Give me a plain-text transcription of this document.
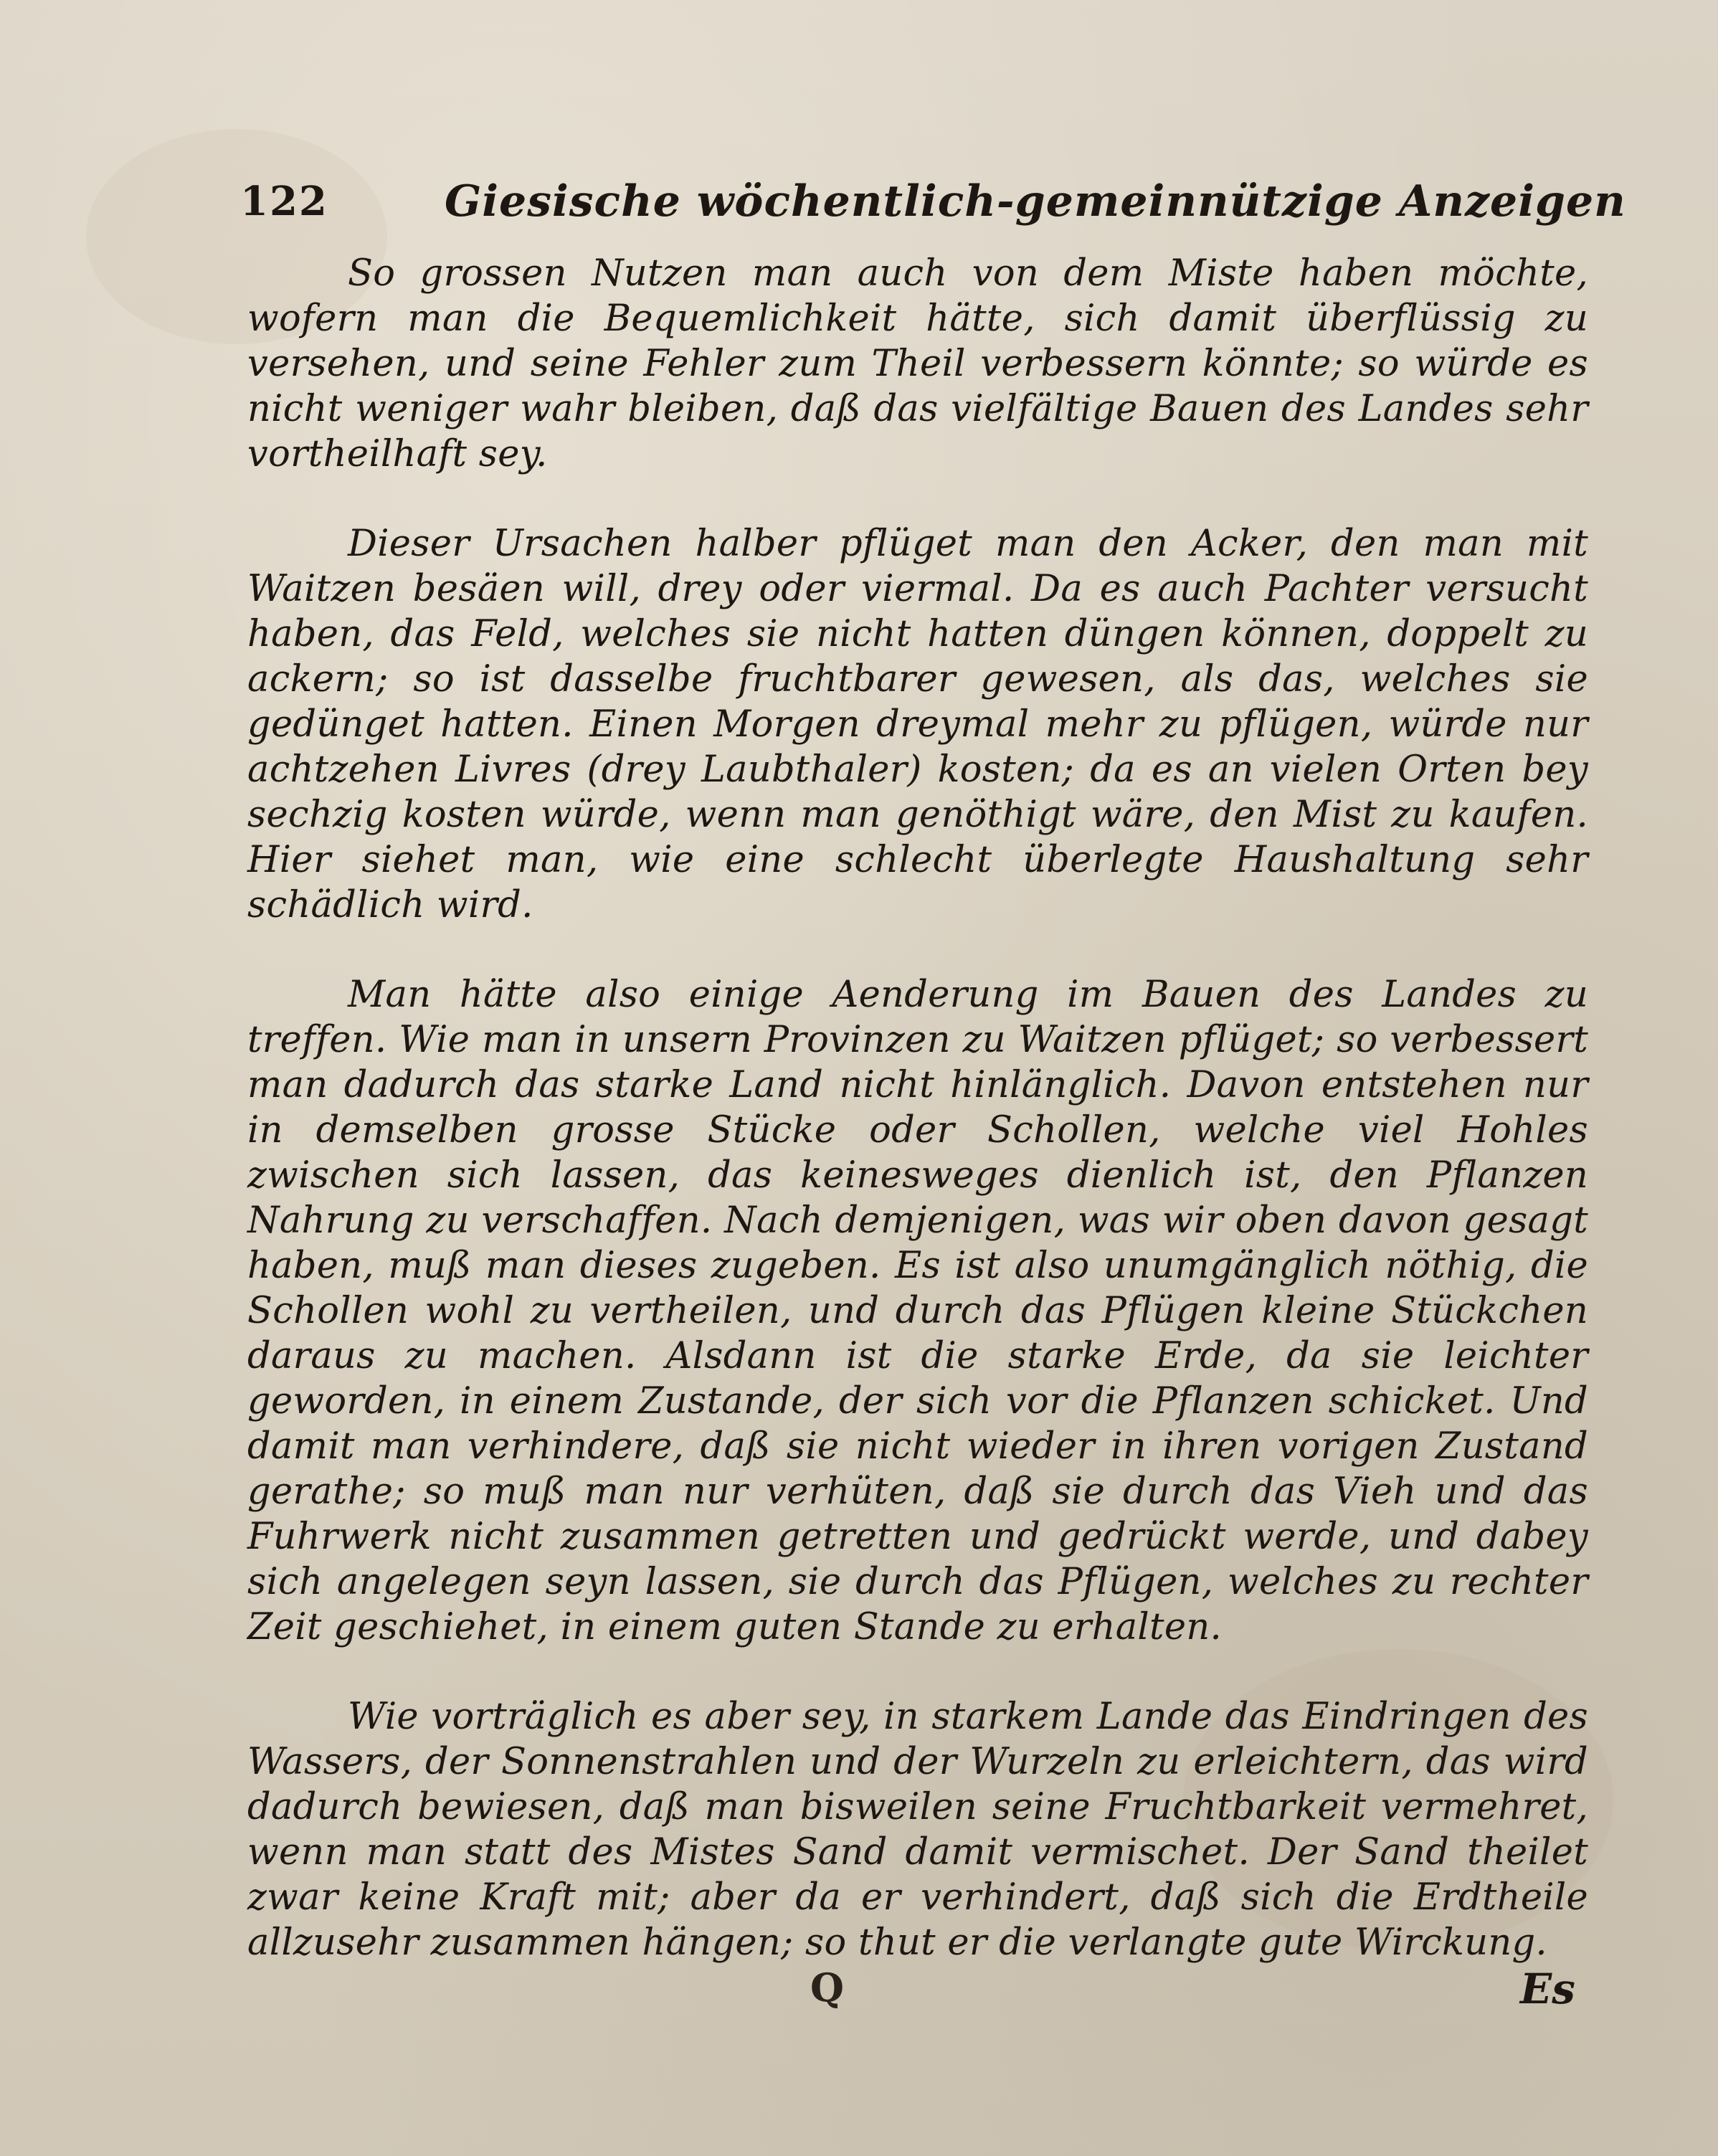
122	Giesische wöchentlich-gemeinnützige Anzeigen

So grossen Nutzen man auch von dem Miste haben möchte, wofern man die Bequemlichkeit hätte, sich damit überflüssig zu versehen, und seine Fehler zum Theil verbessern könnte; so würde es nicht weniger wahr bleiben, daß das vielfältige Bauen des Landes sehr vortheilhaft sey.

Dieser Ursachen halber pflüget man den Acker, den man mit Waitzen besäen will, drey oder viermal. Da es auch Pachter versucht haben, das Feld, welches sie nicht hatten düngen können, doppelt zu ackern; so ist dasselbe fruchtbarer gewesen, als das, welches sie gedünget hatten. Einen Morgen dreymal mehr zu pflügen, würde nur achtzehen Livres (drey Laubthaler) kosten; da es an vielen Orten bey sechzig kosten würde, wenn man genöthigt wäre, den Mist zu kaufen. Hier siehet man, wie eine schlecht überlegte Haushaltung sehr schädlich wird.

Man hätte also einige Aenderung im Bauen des Landes zu treffen. Wie man in unsern Provinzen zu Waitzen pflüget; so verbessert man dadurch das starke Land nicht hinlänglich. Davon entstehen nur in demselben grosse Stücke oder Schollen, welche viel Hohles zwischen sich lassen, das keinesweges dienlich ist, den Pflanzen Nahrung zu verschaffen. Nach demjenigen, was wir oben davon gesagt haben, muß man dieses zugeben. Es ist also unumgänglich nöthig, die Schollen wohl zu vertheilen, und durch das Pflügen kleine Stückchen daraus zu machen. Alsdann ist die starke Erde, da sie leichter geworden, in einem Zustande, der sich vor die Pflanzen schicket. Und damit man verhindere, daß sie nicht wieder in ihren vorigen Zustand gerathe; so muß man nur verhüten, daß sie durch das Vieh und das Fuhrwerk nicht zusammen getretten und gedrückt werde, und dabey sich angelegen seyn lassen, sie durch das Pflügen, welches zu rechter Zeit geschiehet, in einem guten Stande zu erhalten.

Wie vorträglich es aber sey, in starkem Lande das Eindringen des Wassers, der Sonnenstrahlen und der Wurzeln zu erleichtern, das wird dadurch bewiesen, daß man bisweilen seine Fruchtbarkeit vermehret, wenn man statt des Mistes Sand damit vermischet. Der Sand theilet zwar keine Kraft mit; aber da er verhindert, daß sich die Erdtheile allzusehr zusammen hängen; so thut er die verlangte gute Wirckung.

Q	Es
